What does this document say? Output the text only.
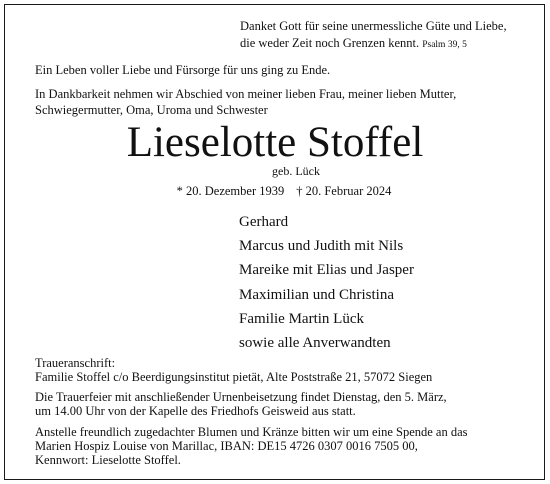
Danket Gott für seine unermessliche Güte und Liebe,
die weder Zeit noch Grenzen kennt. Psalm 39, 5
Ein Leben voller Liebe und Fürsorge für uns ging zu Ende.
In Dankbarkeit nehmen wir Abschied von meiner lieben Frau, meiner lieben Mutter,
Schwiegermutter, Oma, Uroma und Schwester
Lieselotte Stoffel
geb. Lück
* 20. Dezember 1939 † 20. Februar 2024
Gerhard
Marcus und Judith mit Nils
Mareike mit Elias und Jasper
Maximilian und Christina
Familie Martin Lück
sowie alle Anverwandten
Traueranschrift:
Familie Stoffel c/o Beerdigungsinstitut pietät, Alte Poststraße 21, 57072 Siegen
Die Trauerfeier mit anschließender Urnenbeisetzung findet Dienstag, den 5. März,
um 14.00 Uhr von der Kapelle des Friedhofs Geisweid aus statt.
Anstelle freundlich zugedachter Blumen und Kränze bitten wir um eine Spende an das
Marien Hospiz Louise von Marillac, IBAN: DE15 4726 0307 0016 7505 00,
Kennwort: Lieselotte Stoffel.
